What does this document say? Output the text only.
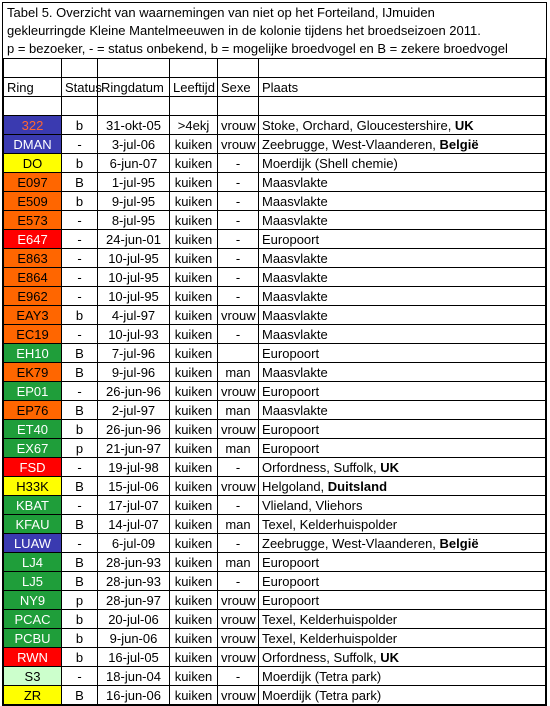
Tabel 5. Overzicht van waarnemingen van niet op het Forteiland, IJmuiden
gekleurringde Kleine Mantelmeeuwen in de kolonie tijdens het broedseizoen 2011.
p = bezoeker, - = status onbekend, b = mogelijke broedvogel en B = zekere broedvogel

Ring	Status	Ringdatum	Leeftijd	Sexe	Plaats

322	b	31-okt-05	>4ekj	vrouw	Stoke, Orchard, Gloucestershire, UK
DMAN	-	3-jul-06	kuiken	vrouw	Zeebrugge, West-Vlaanderen, België
DO	b	6-jun-07	kuiken	-	Moerdijk (Shell chemie)
E097	B	1-jul-95	kuiken	-	Maasvlakte
E509	b	9-jul-95	kuiken	-	Maasvlakte
E573	-	8-jul-95	kuiken	-	Maasvlakte
E647	-	24-jun-01	kuiken	-	Europoort
E863	-	10-jul-95	kuiken	-	Maasvlakte
E864	-	10-jul-95	kuiken	-	Maasvlakte
E962	-	10-jul-95	kuiken	-	Maasvlakte
EAY3	b	4-jul-97	kuiken	vrouw	Maasvlakte
EC19	-	10-jul-93	kuiken	-	Maasvlakte
EH10	B	7-jul-96	kuiken		Europoort
EK79	B	9-jul-96	kuiken	man	Maasvlakte
EP01	-	26-jun-96	kuiken	vrouw	Europoort
EP76	B	2-jul-97	kuiken	man	Maasvlakte
ET40	b	26-jun-96	kuiken	vrouw	Europoort
EX67	p	21-jun-97	kuiken	man	Europoort
FSD	-	19-jul-98	kuiken	-	Orfordness, Suffolk, UK
H33K	B	15-jul-06	kuiken	vrouw	Helgoland, Duitsland
KBAT	-	17-jul-07	kuiken	-	Vlieland, Vliehors
KFAU	B	14-jul-07	kuiken	man	Texel, Kelderhuispolder
LUAW	-	6-jul-09	kuiken	-	Zeebrugge, West-Vlaanderen, België
LJ4	B	28-jun-93	kuiken	man	Europoort
LJ5	B	28-jun-93	kuiken	-	Europoort
NY9	p	28-jun-97	kuiken	vrouw	Europoort
PCAC	b	20-jul-06	kuiken	vrouw	Texel, Kelderhuispolder
PCBU	b	9-jun-06	kuiken	vrouw	Texel, Kelderhuispolder
RWN	b	16-jul-05	kuiken	vrouw	Orfordness, Suffolk, UK
S3	-	18-jun-04	kuiken	-	Moerdijk (Tetra park)
ZR	B	16-jun-06	kuiken	vrouw	Moerdijk (Tetra park)
